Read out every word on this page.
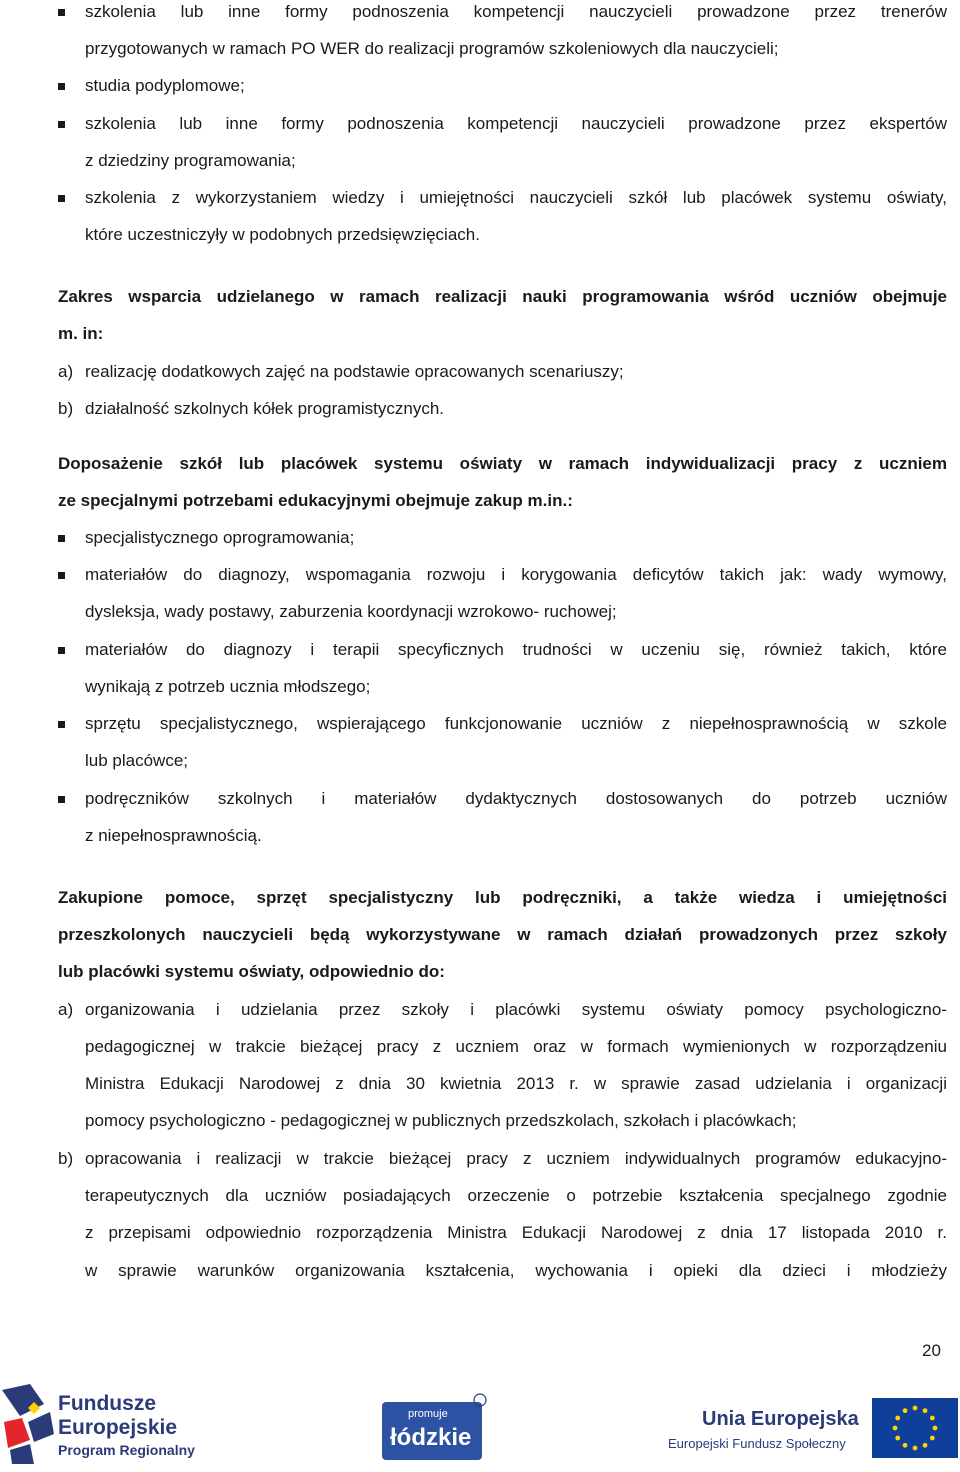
szkolenia lub inne formy podnoszenia kompetencji nauczycieli prowadzone przez trenerów
przygotowanych w ramach PO WER do realizacji programów szkoleniowych dla nauczycieli;
studia podyplomowe;
szkolenia lub inne formy podnoszenia kompetencji nauczycieli prowadzone przez ekspertów
z dziedziny programowania;
szkolenia z wykorzystaniem wiedzy i umiejętności nauczycieli szkół lub placówek systemu oświaty,
które uczestniczyły w podobnych przedsięwzięciach.
Zakres wsparcia udzielanego w ramach realizacji nauki programowania wśród uczniów obejmuje
m. in:
a) realizację dodatkowych zajęć na podstawie opracowanych scenariuszy;
b) działalność szkolnych kółek programistycznych.
Doposażenie szkół lub placówek systemu oświaty w ramach indywidualizacji pracy z uczniem
ze specjalnymi potrzebami edukacyjnymi obejmuje zakup m.in.:
specjalistycznego oprogramowania;
materiałów do diagnozy, wspomagania rozwoju i korygowania deficytów takich jak: wady wymowy,
dysleksja, wady postawy, zaburzenia koordynacji wzrokowo- ruchowej;
materiałów do diagnozy i terapii specyficznych trudności w uczeniu się, również takich, które
wynikają z potrzeb ucznia młodszego;
sprzętu specjalistycznego, wspierającego funkcjonowanie uczniów z niepełnosprawnością w szkole
lub placówce;
podręczników szkolnych i materiałów dydaktycznych dostosowanych do potrzeb uczniów
z niepełnosprawnością.
Zakupione pomoce, sprzęt specjalistyczny lub podręczniki, a także wiedza i umiejętności
przeszkolonych nauczycieli będą wykorzystywane w ramach działań prowadzonych przez szkoły
lub placówki systemu oświaty, odpowiednio do:
a) organizowania i udzielania przez szkoły i placówki systemu oświaty pomocy psychologiczno-
pedagogicznej w trakcie bieżącej pracy z uczniem oraz w formach wymienionych w rozporządzeniu
Ministra Edukacji Narodowej z dnia 30 kwietnia 2013 r. w sprawie zasad udzielania i organizacji
pomocy psychologiczno - pedagogicznej w publicznych przedszkolach, szkołach i placówkach;
b) opracowania i realizacji w trakcie bieżącej pracy z uczniem indywidualnych programów edukacyjno-
terapeutycznych dla uczniów posiadających orzeczenie o potrzebie kształcenia specjalnego zgodnie
z przepisami odpowiednio rozporządzenia Ministra Edukacji Narodowej z dnia 17 listopada 2010 r.
w sprawie warunków organizowania kształcenia, wychowania i opieki dla dzieci i młodzieży
20
Fundusze
Europejskie
Program Regionalny
promuje
łódzkie
Unia Europejska
Europejski Fundusz Społeczny
